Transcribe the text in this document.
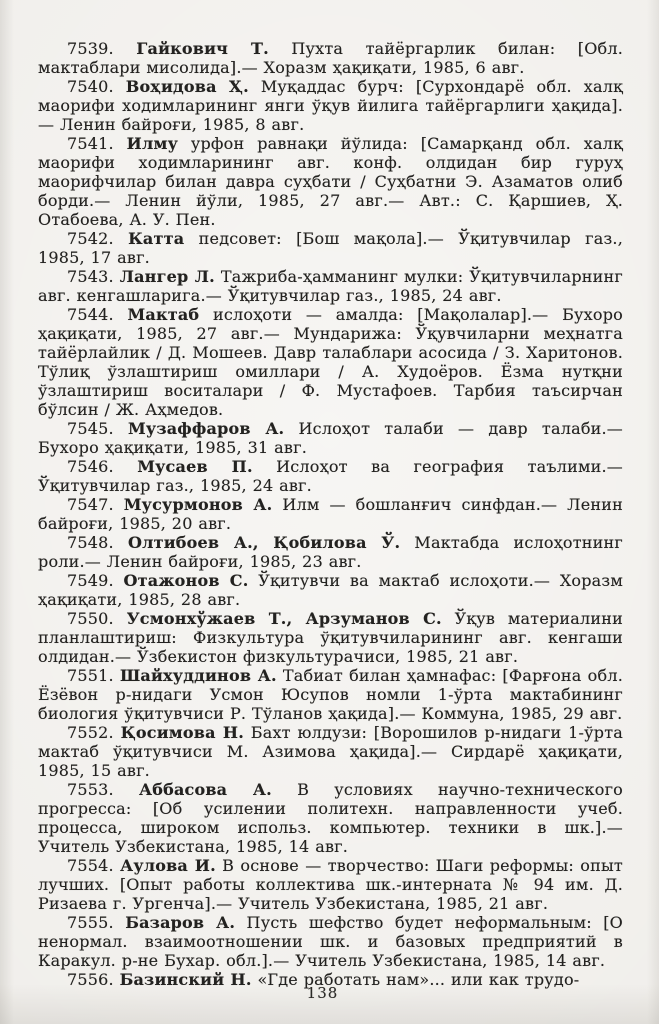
7539. Гайкович Т. Пухта тайёргарлик билан: [Обл. мактаблари мисолида].— Хоразм ҳақиқати, 1985, 6 авг.

7540. Воҳидова Ҳ. Муқаддас бурч: [Сурхондарё обл. халқ маорифи ходимларининг янги ўқув йилига тайёргарлиги ҳақида].— Ленин байроғи, 1985, 8 авг.

7541. Илму урфон равнақи йўлида: [Самарқанд обл. халқ маорифи ходимларининг авг. конф. олдидан бир гуруҳ маорифчилар билан давра суҳбати / Суҳбатни Э. Азаматов олиб борди.— Ленин йўли, 1985, 27 авг.— Авт.: С. Қаршиев, Ҳ. Отабоева, А. У. Пен.

7542. Катта педсовет: [Бош мақола].— Ўқитувчилар газ., 1985, 17 авг.

7543. Лангер Л. Тажриба-ҳамманинг мулки: Ўқитувчиларнинг авг. кенгашларига.— Ўқитувчилар газ., 1985, 24 авг.

7544. Мактаб ислоҳоти — амалда: [Мақолалар].— Бухоро ҳақиқати, 1985, 27 авг.— Мундарижа: Ўқувчиларни меҳнатга тайёрлайлик / Д. Мошеев. Давр талаблари асосида / З. Харитонов. Тўлиқ ўзлаштириш омиллари / А. Худоёров. Ёзма нутқни ўзлаштириш воситалари / Ф. Мустафоев. Тарбия таъсирчан бўлсин / Ж. Аҳмедов.

7545. Музаффаров А. Ислоҳот талаби — давр талаби.— Бухоро ҳақиқати, 1985, 31 авг.

7546. Мусаев П. Ислоҳот ва география таълими.— Ўқитувчилар газ., 1985, 24 авг.

7547. Мусурмонов А. Илм — бошланғич синфдан.— Ленин байроғи, 1985, 20 авг.

7548. Олтибоев А., Қобилова Ў. Мактабда ислоҳотнинг роли.— Ленин байроғи, 1985, 23 авг.

7549. Отажонов С. Ўқитувчи ва мактаб ислоҳоти.— Хоразм ҳақиқати, 1985, 28 авг.

7550. Усмонхўжаев Т., Арзуманов С. Ўқув материалини планлаштириш: Физкультура ўқитувчиларининг авг. кенгаши олдидан.— Ўзбекистон физкультурачиси, 1985, 21 авг.

7551. Шайхуддинов А. Табиат билан ҳамнафас: [Фарғона обл. Ёзёвон р-нидаги Усмон Юсупов номли 1-ўрта мактабининг биология ўқитувчиси Р. Тўланов ҳақида].— Коммуна, 1985, 29 авг.

7552. Қосимова Н. Бахт юлдузи: [Ворошилов р-нидаги 1-ўрта мактаб ўқитувчиси М. Азимова ҳақида].— Сирдарё ҳақиқати, 1985, 15 авг.

7553. Аббасова А. В условиях научно-технического прогресса: [Об усилении политехн. направленности учеб. процесса, широком использ. компьютер. техники в шк.].— Учитель Узбекистана, 1985, 14 авг.

7554. Аулова И. В основе — творчество: Шаги реформы: опыт лучших. [Опыт работы коллектива шк.-интерната № 94 им. Д. Ризаева г. Ургенча].— Учитель Узбекистана, 1985, 21 авг.

7555. Базаров А. Пусть шефство будет неформальным: [О ненормал. взаимоотношении шк. и базовых предприятий в Каракул. р-не Бухар. обл.].— Учитель Узбекистана, 1985, 14 авг.

7556. Базинский Н. «Где работать нам»... или как трудо-

138
